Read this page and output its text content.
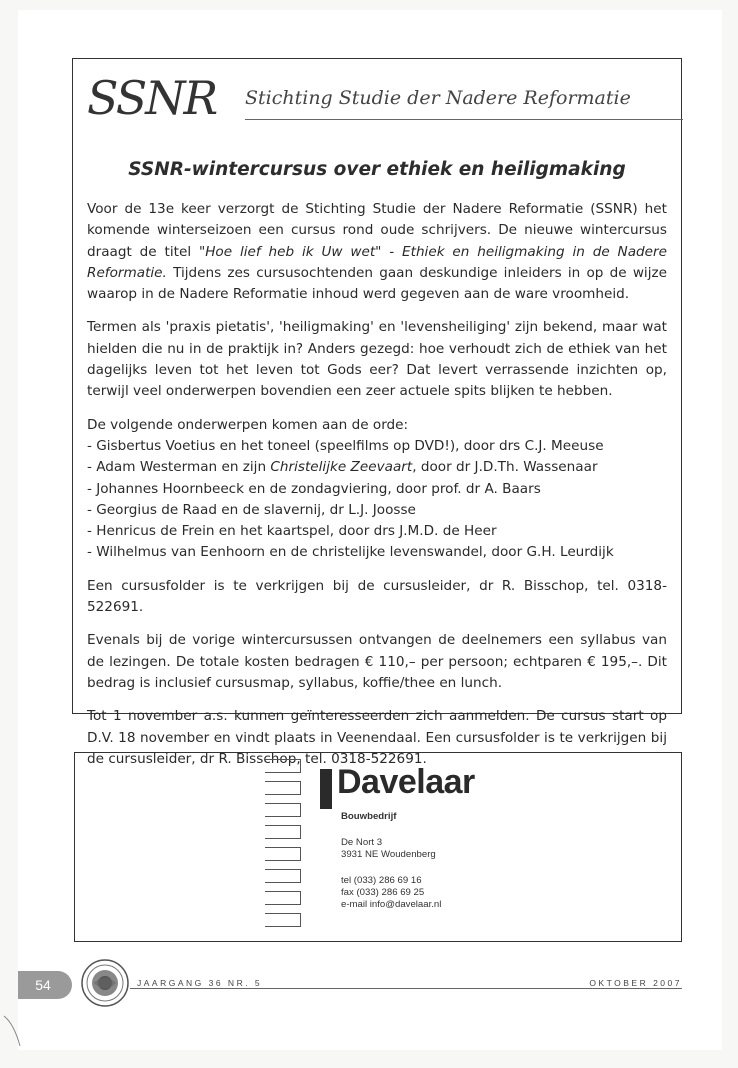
SSNR Stichting Studie der Nadere Reformatie
SSNR-wintercursus over ethiek en heiligmaking

Voor de 13e keer verzorgt de Stichting Studie der Nadere Reformatie (SSNR) het komende winterseizoen een cursus rond oude schrijvers. De nieuwe wintercursus draagt de titel "Hoe lief heb ik Uw wet" - Ethiek en heiligmaking in de Nadere Reformatie. Tijdens zes cursusochtenden gaan deskundige inleiders in op de wijze waarop in de Nadere Reformatie inhoud werd gegeven aan de ware vroomheid.

Termen als 'praxis pietatis', 'heiligmaking' en 'levensheiliging' zijn bekend, maar wat hielden die nu in de praktijk in? Anders gezegd: hoe verhoudt zich de ethiek van het dagelijks leven tot het leven tot Gods eer? Dat levert verrassende inzichten op, terwijl veel onderwerpen bovendien een zeer actuele spits blijken te hebben.

De volgende onderwerpen komen aan de orde:
- Gisbertus Voetius en het toneel (speelfilms op DVD!), door drs C.J. Meeuse
- Adam Westerman en zijn Christelijke Zeevaart, door dr J.D.Th. Wassenaar
- Johannes Hoornbeeck en de zondagviering, door prof. dr A. Baars
- Georgius de Raad en de slavernij, dr L.J. Joosse
- Henricus de Frein en het kaartspel, door drs J.M.D. de Heer
- Wilhelmus van Eenhoorn en de christelijke levenswandel, door G.H. Leurdijk

Een cursusfolder is te verkrijgen bij de cursusleider, dr R. Bisschop, tel. 0318-522691.

Evenals bij de vorige wintercursussen ontvangen de deelnemers een syllabus van de lezingen. De totale kosten bedragen € 110,– per persoon; echtparen € 195,–. Dit bedrag is inclusief cursusmap, syllabus, koffie/thee en lunch.

Tot 1 november a.s. kunnen geïnteresseerden zich aanmelden. De cursus start op D.V. 18 november en vindt plaats in Veenendaal. Een cursusfolder is te verkrijgen bij de cursusleider, dr R. Bisschop, tel. 0318-522691.

Davelaar
Bouwbedrijf
De Nort 3
3931 NE Woudenberg
tel (033) 286 69 16
fax (033) 286 69 25
e-mail info@davelaar.nl
54	JAARGANG 36 NR. 5	OKTOBER 2007
